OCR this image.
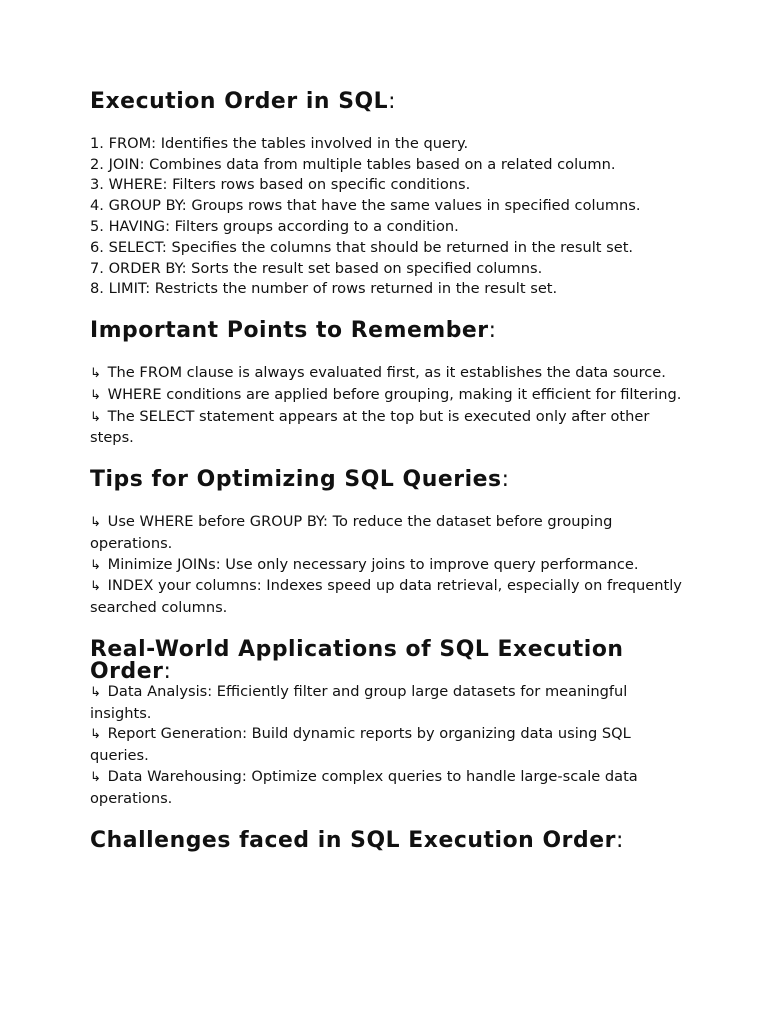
Execution Order in SQL:
1. FROM: Identifies the tables involved in the query.
2. JOIN: Combines data from multiple tables based on a related column.
3. WHERE: Filters rows based on specific conditions.
4. GROUP BY: Groups rows that have the same values in specified columns.
5. HAVING: Filters groups according to a condition.
6. SELECT: Specifies the columns that should be returned in the result set.
7. ORDER BY: Sorts the result set based on specified columns.
8. LIMIT: Restricts the number of rows returned in the result set.
Important Points to Remember:
↳ The FROM clause is always evaluated first, as it establishes the data source.
↳ WHERE conditions are applied before grouping, making it efficient for filtering.
↳ The SELECT statement appears at the top but is executed only after other steps.
Tips for Optimizing SQL Queries:
↳ Use WHERE before GROUP BY: To reduce the dataset before grouping operations.
↳ Minimize JOINs: Use only necessary joins to improve query performance.
↳ INDEX your columns: Indexes speed up data retrieval, especially on frequently searched columns.
Real-World Applications of SQL Execution Order:
↳ Data Analysis: Efficiently filter and group large datasets for meaningful insights.
↳ Report Generation: Build dynamic reports by organizing data using SQL queries.
↳ Data Warehousing: Optimize complex queries to handle large-scale data operations.
Challenges faced in SQL Execution Order:
